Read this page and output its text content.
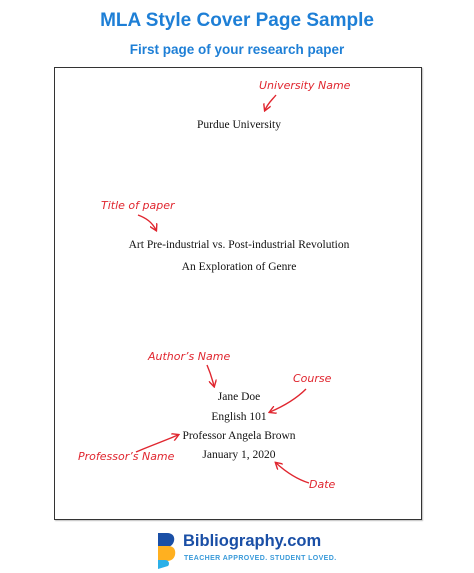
MLA Style Cover Page Sample
First page of your research paper
Purdue University
Art Pre-industrial vs. Post-industrial Revolution
An Exploration of Genre
Jane Doe
English 101
Professor Angela Brown
January 1, 2020
University Name
Title of paper
Author’s Name
Course
Professor’s Name
Date
Bibliography.com
TEACHER APPROVED. STUDENT LOVED.
